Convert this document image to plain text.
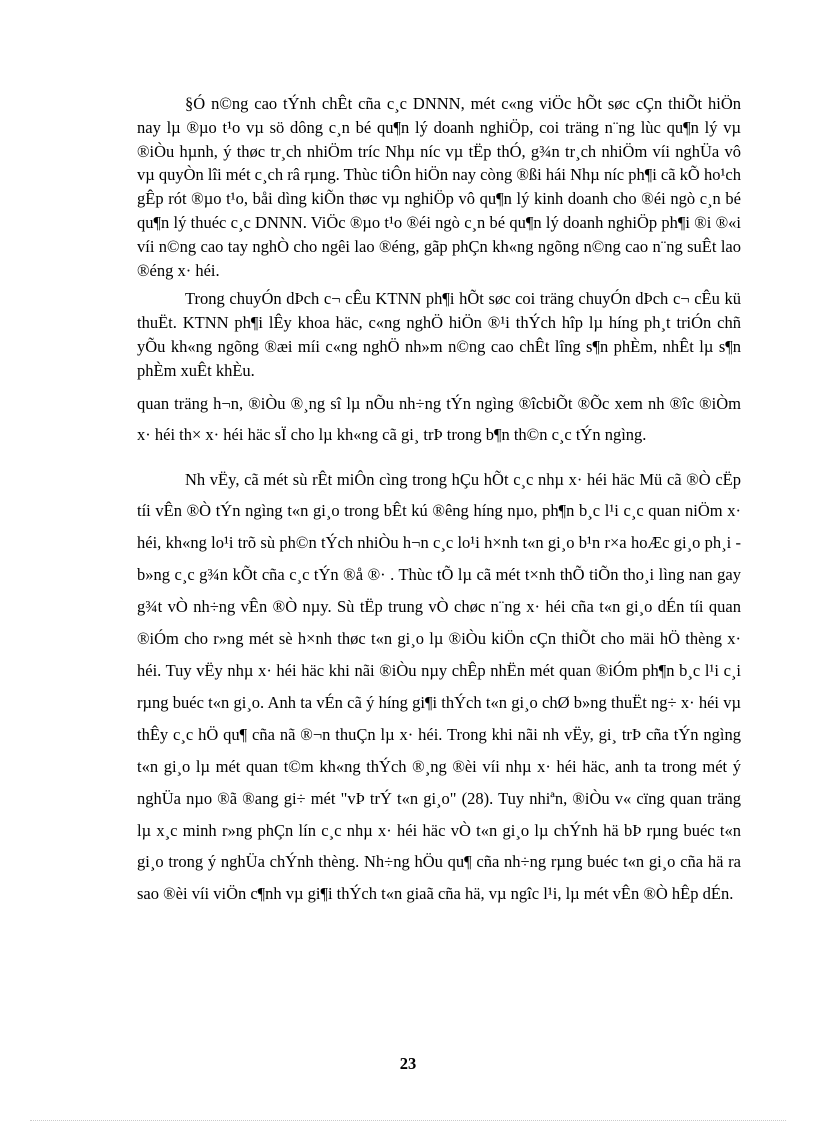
§Ó n©ng cao tÝnh chÊt cña c¸c DNNN, mét c«ng viÖc hÕt søc cÇn thiÕt hiÖn nay lµ ®µo t¹o vµ sö dông c¸n bé qu¶n lý doanh nghiÖp, coi träng n¨ng lùc qu¶n lý vµ ®iÒu hµnh, ý thøc tr¸ch nhiÖm tríc Nhµ níc vµ tËp thÓ, g¾n tr¸ch nhiÖm víi nghÜa vô vµ quyÒn lîi mét c¸ch râ rµng. Thùc tiÔn hiÖn nay còng ®ßi hái Nhµ níc ph¶i cã kÕ ho¹ch gÊp rót ®µo t¹o, båi dìng kiÕn thøc vµ nghiÖp vô qu¶n lý kinh doanh cho ®éi ngò c¸n bé qu¶n lý thuéc c¸c DNNN. ViÖc ®µo t¹o ®éi ngò c¸n bé qu¶n lý doanh nghiÖp ph¶i ®i ®«i víi n©ng cao tay nghÒ cho ngêi lao ®éng, gãp phÇn kh«ng ngõng n©ng cao n¨ng suÊt lao ®éng x· héi.

Trong chuyÓn dÞch c¬ cÊu KTNN ph¶i hÕt søc coi träng chuyÓn dÞch c¬ cÊu kü thuËt. KTNN ph¶i lÊy khoa häc, c«ng nghÖ hiÖn ®¹i thÝch hîp lµ híng ph¸t triÓn chñ yÕu kh«ng ngõng ®æi míi c«ng nghÖ nh»m n©ng cao chÊt lîng s¶n phÈm, nhÊt lµ s¶n phÈm xuÊt khÈu.

quan träng h¬n, ®iÒu ®¸ng sî lµ nÕu nh÷ng tÝn ngìng ®îcbiÕt ®Õc xem nh ®îc ®iÒm x· héi th× x· héi häc sÏ cho lµ kh«ng cã gi¸ trÞ trong b¶n th©n c¸c tÝn ngìng.

Nh vËy, cã mét sù rÊt miÔn cìng trong hÇu hÕt c¸c nhµ x· héi häc Mü cã ®Ò cËp tíi vÊn ®Ò tÝn ngìng t«n gi¸o trong bÊt kú ®êng híng nµo, ph¶n b¸c l¹i c¸c quan niÖm x· héi, kh«ng lo¹i trõ sù ph©n tÝch nhiÒu h¬n c¸c lo¹i h×nh t«n gi¸o b¹n r×a hoÆc gi¸o ph¸i - b»ng c¸c g¾n kÕt cña c¸c tÝn ®å ®· . Thùc tÕ lµ cã mét t×nh thÕ tiÕn tho¸i lìng nan gay g¾t vÒ nh÷ng vÊn ®Ò nµy. Sù tËp trung vÒ chøc n¨ng x· héi cña t«n gi¸o dÉn tíi quan ®iÓm cho r»ng mét sè h×nh thøc t«n gi¸o lµ ®iÒu kiÖn cÇn thiÕt cho mäi hÖ thèng x· héi. Tuy vËy nhµ x· héi häc khi nãi ®iÒu nµy chÊp nhËn mét quan ®iÓm ph¶n b¸c l¹i c¸i rµng buéc t«n gi¸o. Anh ta vÉn cã ý híng gi¶i thÝch t«n gi¸o chØ b»ng thuËt ng÷ x· héi vµ thÊy c¸c hÖ qu¶ cña nã ®¬n thuÇn lµ x· héi. Trong khi nãi nh vËy, gi¸ trÞ cña tÝn ngìng t«n gi¸o lµ mét quan t©m kh«ng thÝch ®¸ng ®èi víi nhµ x· héi häc, anh ta trong mét ý nghÜa nµo ®ã ®ang gi÷ mét "vÞ trÝ t«n gi¸o" (28). Tuy nhiªn, ®iÒu v« cïng quan träng lµ x¸c minh r»ng phÇn lín c¸c nhµ x· héi häc vÒ t«n gi¸o lµ chÝnh hä bÞ rµng buéc t«n gi¸o trong ý nghÜa chÝnh thèng. Nh÷ng hÖu qu¶ cña nh÷ng rµng buéc t«n gi¸o cña hä ra sao ®èi víi viÖn c¶nh vµ gi¶i thÝch t«n giaã cña hä, vµ ngîc l¹i, lµ mét vÊn ®Ò hÊp dÉn.

23
